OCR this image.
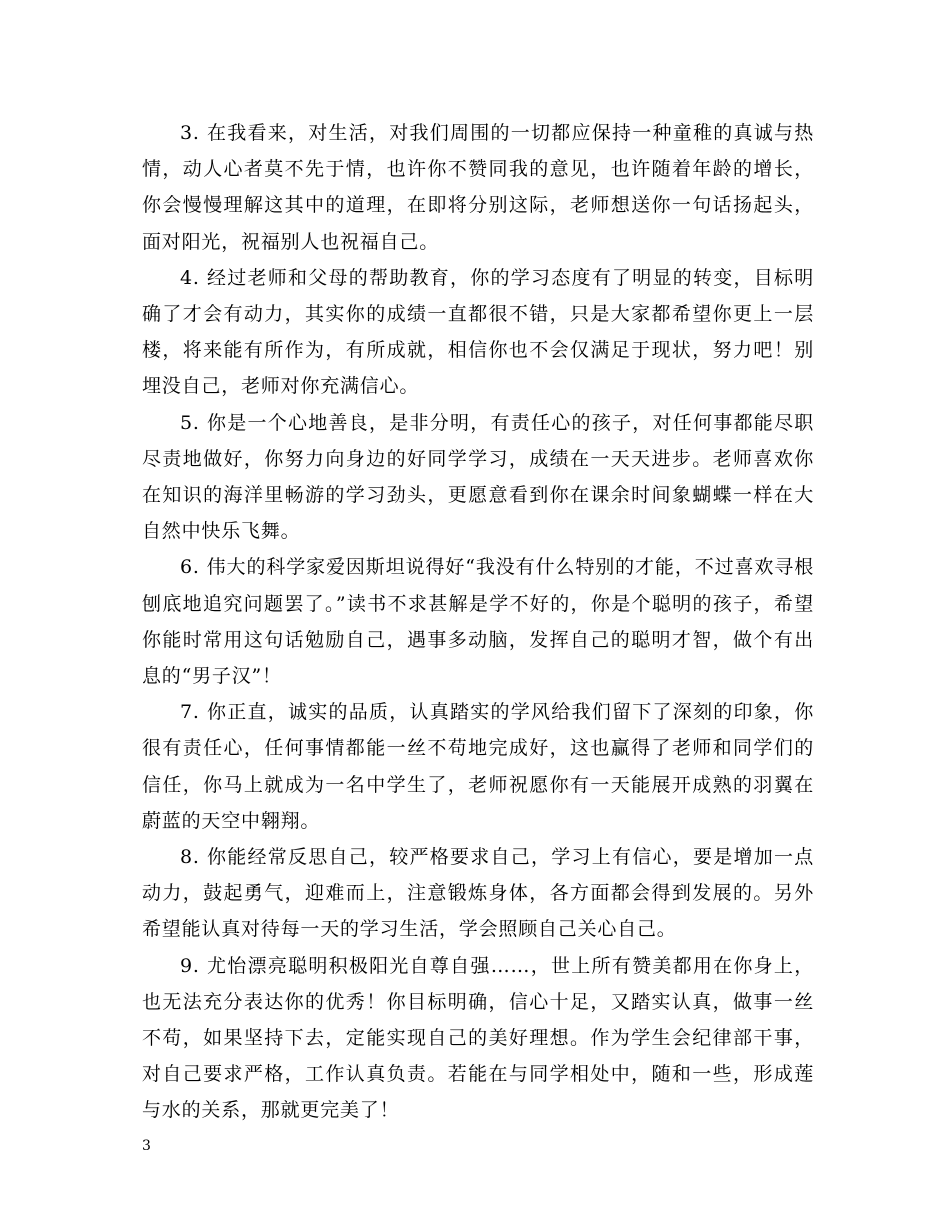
3. 在我看来，对生活，对我们周围的一切都应保持一种童稚的真诚与热情，动人心者莫不先于情，也许你不赞同我的意见，也许随着年龄的增长，你会慢慢理解这其中的道理，在即将分别这际，老师想送你一句话扬起头，面对阳光，祝福别人也祝福自己。

4. 经过老师和父母的帮助教育，你的学习态度有了明显的转变，目标明确了才会有动力，其实你的成绩一直都很不错，只是大家都希望你更上一层楼，将来能有所作为，有所成就，相信你也不会仅满足于现状，努力吧！别埋没自己，老师对你充满信心。

5. 你是一个心地善良，是非分明，有责任心的孩子，对任何事都能尽职尽责地做好，你努力向身边的好同学学习，成绩在一天天进步。老师喜欢你在知识的海洋里畅游的学习劲头，更愿意看到你在课余时间象蝴蝶一样在大自然中快乐飞舞。

6. 伟大的科学家爱因斯坦说得好“我没有什么特别的才能，不过喜欢寻根刨底地追究问题罢了。”读书不求甚解是学不好的，你是个聪明的孩子，希望你能时常用这句话勉励自己，遇事多动脑，发挥自己的聪明才智，做个有出息的“男子汉”！

7. 你正直，诚实的品质，认真踏实的学风给我们留下了深刻的印象，你很有责任心，任何事情都能一丝不苟地完成好，这也赢得了老师和同学们的信任，你马上就成为一名中学生了，老师祝愿你有一天能展开成熟的羽翼在蔚蓝的天空中翱翔。

8. 你能经常反思自己，较严格要求自己，学习上有信心，要是增加一点动力，鼓起勇气，迎难而上，注意锻炼身体，各方面都会得到发展的。另外希望能认真对待每一天的学习生活，学会照顾自己关心自己。

9. 尤怡漂亮聪明积极阳光自尊自强……，世上所有赞美都用在你身上，也无法充分表达你的优秀！你目标明确，信心十足，又踏实认真，做事一丝不苟，如果坚持下去，定能实现自己的美好理想。作为学生会纪律部干事，对自己要求严格，工作认真负责。若能在与同学相处中，随和一些，形成莲与水的关系，那就更完美了！

3
